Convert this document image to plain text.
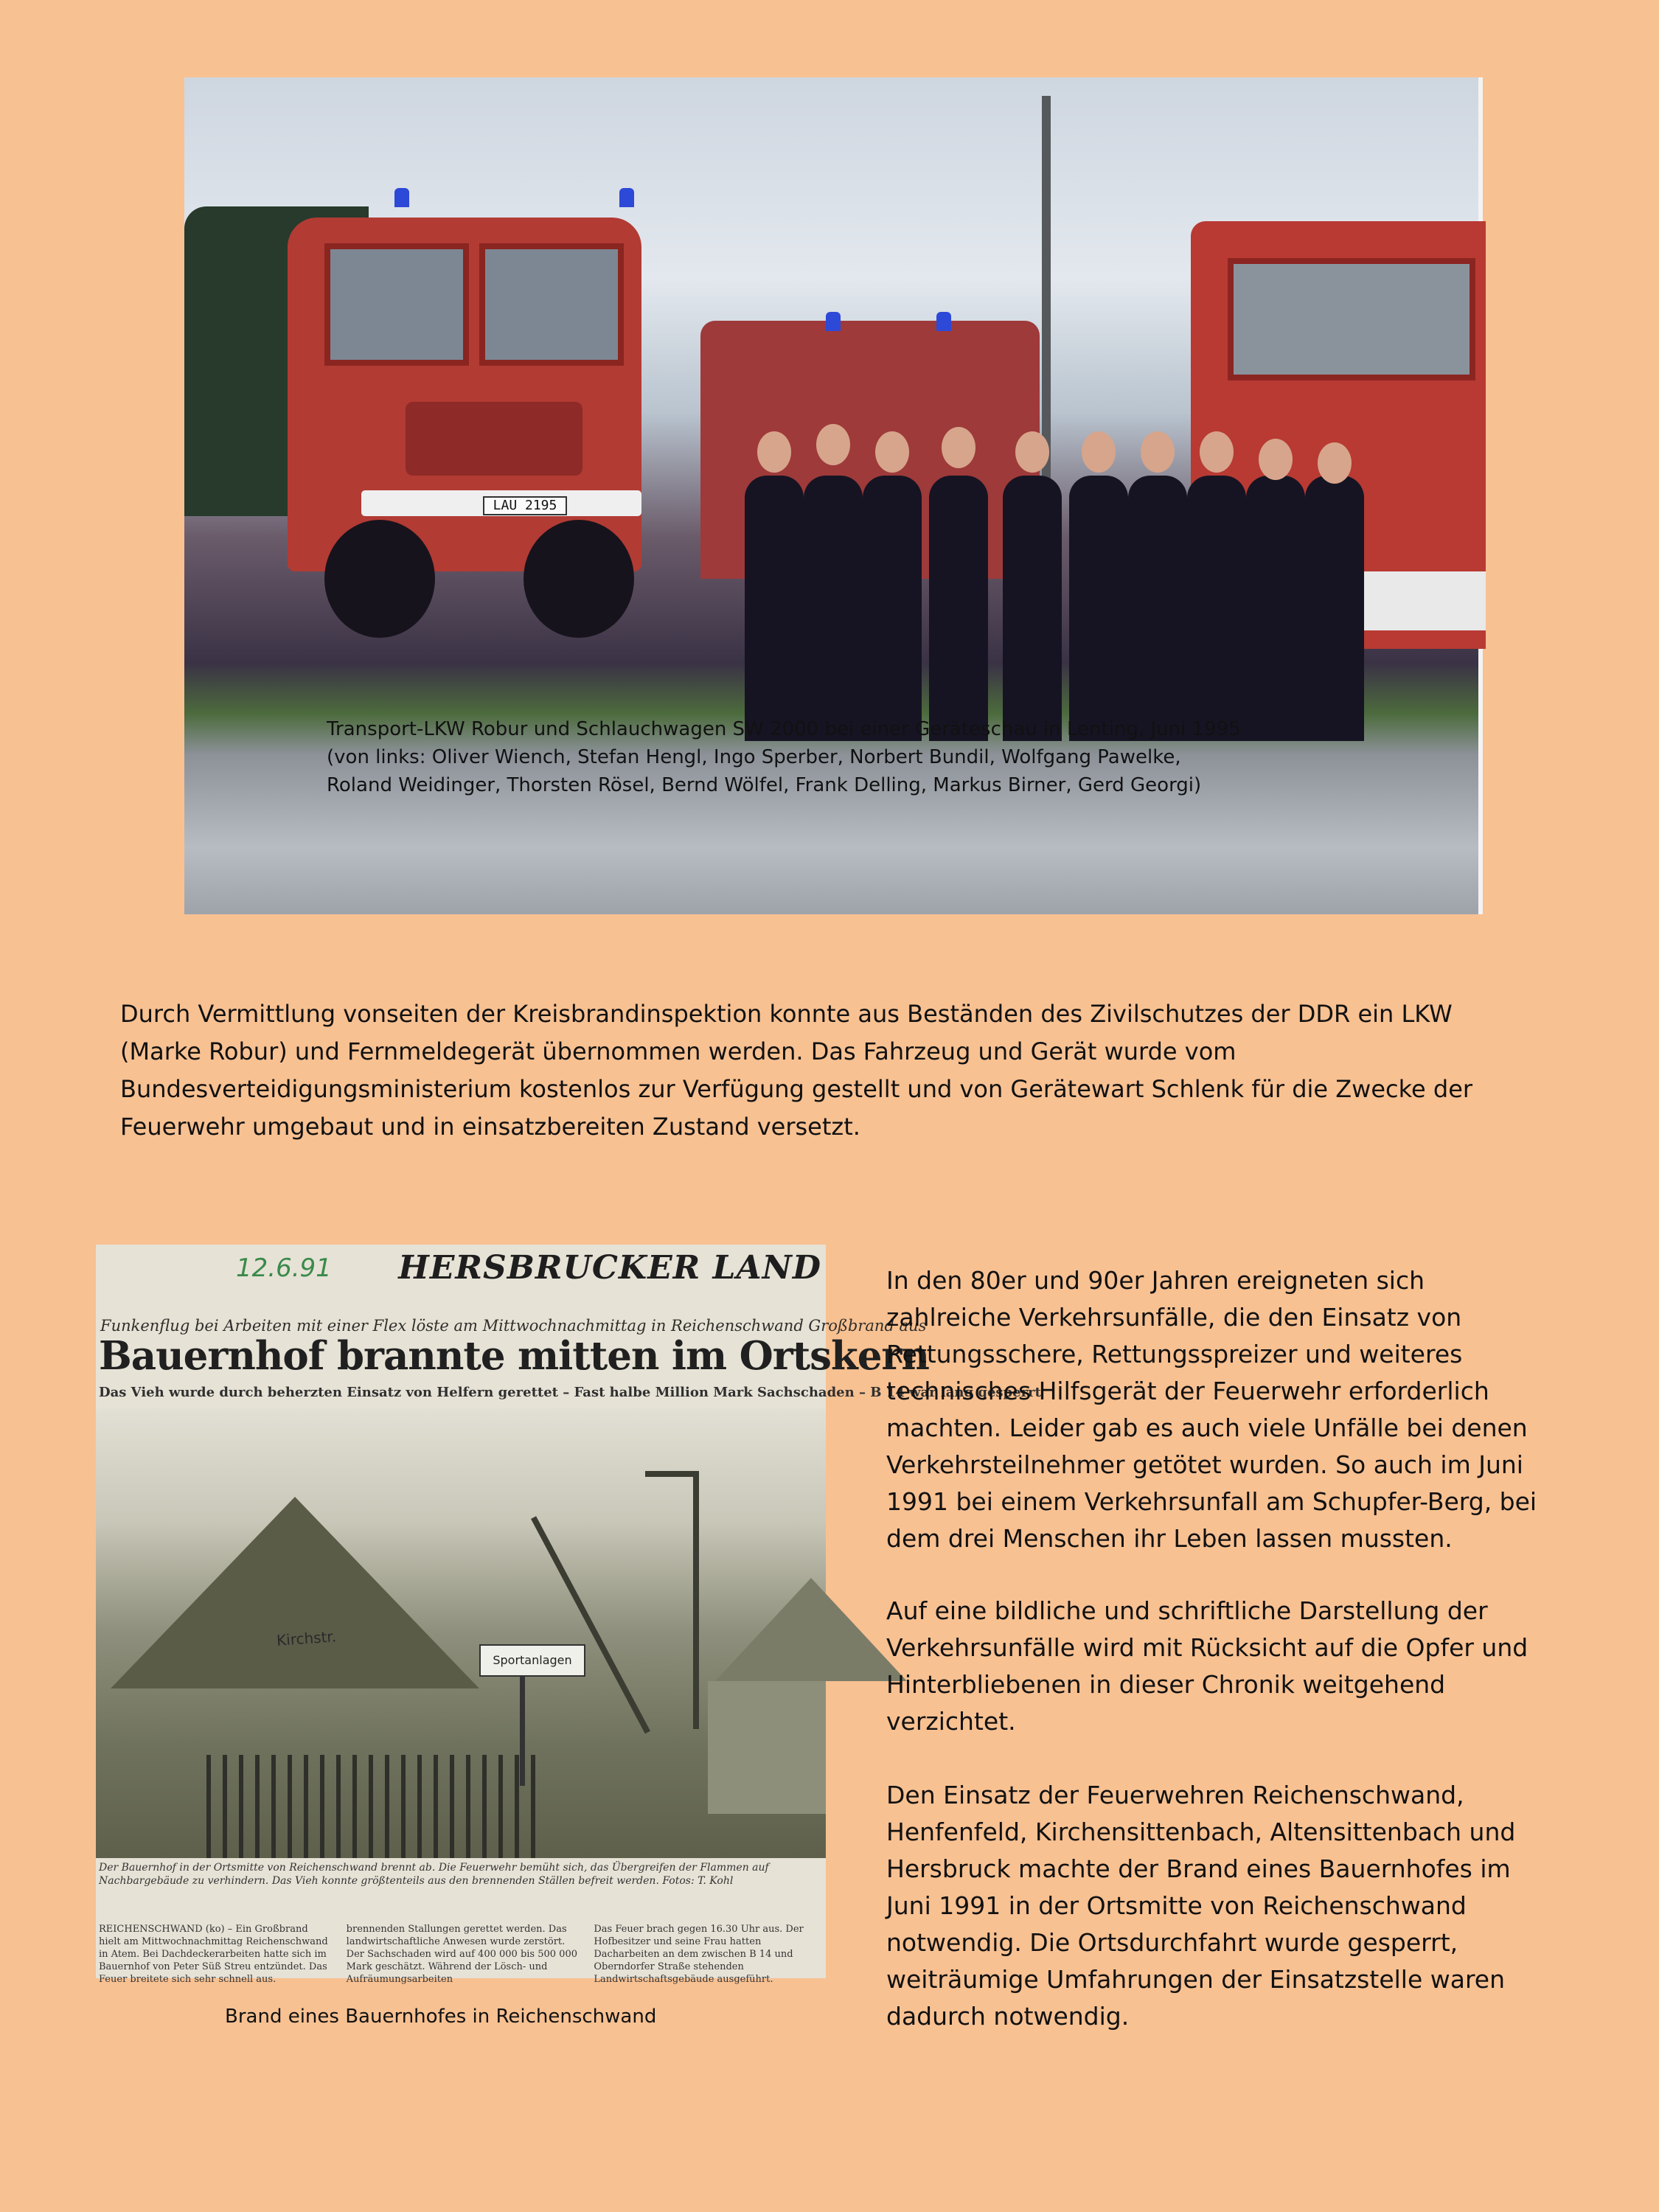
LAU 2195
Transport-LKW Robur und Schlauchwagen SW 2000 bei einer Geräteschau in Lenting, Juni 1995
(von links: Oliver Wiench, Stefan Hengl, Ingo Sperber, Norbert Bundil, Wolfgang Pawelke,
Roland Weidinger, Thorsten Rösel, Bernd Wölfel, Frank Delling, Markus Birner, Gerd Georgi)
Durch Vermittlung vonseiten der Kreisbrandinspektion konnte aus Beständen des Zivilschutzes der DDR ein LKW
(Marke Robur) und Fernmeldegerät übernommen werden. Das Fahrzeug und Gerät wurde vom
Bundesverteidigungsministerium kostenlos zur Verfügung gestellt und von Gerätewart Schlenk für die Zwecke der
Feuerwehr umgebaut und in einsatzbereiten Zustand versetzt.
12.6.91 HERSBRUCKER LAND
Funkenflug bei Arbeiten mit einer Flex löste am Mittwochnachmittag in Reichenschwand Großbrand aus
Bauernhof brannte mitten im Ortskern
Das Vieh wurde durch beherzten Einsatz von Helfern gerettet – Fast halbe Million Mark Sachschaden – B 14 war lang gesperrt
Sportanlagen
Kirchstr.
Der Bauernhof in der Ortsmitte von Reichenschwand brennt ab. Die Feuerwehr bemüht sich, das Übergreifen der Flammen auf Nachbargebäude zu verhindern. Das Vieh konnte größtenteils aus den brennenden Ställen befreit werden. Fotos: T. Kohl
REICHENSCHWAND (ko) – Ein Großbrand hielt am Mittwochnachmittag Reichenschwand in Atem. Bei Dachdeckerarbeiten hatte sich im Bauernhof von Peter Süß Streu entzündet. Das Feuer breitete sich sehr schnell aus.
brennenden Stallungen gerettet werden. Das landwirtschaftliche Anwesen wurde zerstört. Der Sachschaden wird auf 400 000 bis 500 000 Mark geschätzt. Während der Lösch- und Aufräumungsarbeiten
Das Feuer brach gegen 16.30 Uhr aus. Der Hofbesitzer und seine Frau hatten Dacharbeiten an dem zwischen B 14 und Oberndorfer Straße stehenden Landwirtschaftsgebäude ausgeführt.
Brand eines Bauernhofes in Reichenschwand
In den 80er und 90er Jahren ereigneten sich
zahlreiche Verkehrsunfälle, die den Einsatz von
Rettungsschere, Rettungsspreizer und weiteres
technisches Hilfsgerät der Feuerwehr erforderlich
machten. Leider gab es auch viele Unfälle bei denen
Verkehrsteilnehmer getötet wurden. So auch im Juni
1991 bei einem Verkehrsunfall am Schupfer-Berg, bei
dem drei Menschen ihr Leben lassen mussten.
Auf eine bildliche und schriftliche Darstellung der
Verkehrsunfälle wird mit Rücksicht auf die Opfer und
Hinterbliebenen in dieser Chronik weitgehend
verzichtet.
Den Einsatz der Feuerwehren Reichenschwand,
Henfenfeld, Kirchensittenbach, Altensittenbach und
Hersbruck machte der Brand eines Bauernhofes im
Juni 1991 in der Ortsmitte von Reichenschwand
notwendig. Die Ortsdurchfahrt wurde gesperrt,
weiträumige Umfahrungen der Einsatzstelle waren
dadurch notwendig.
